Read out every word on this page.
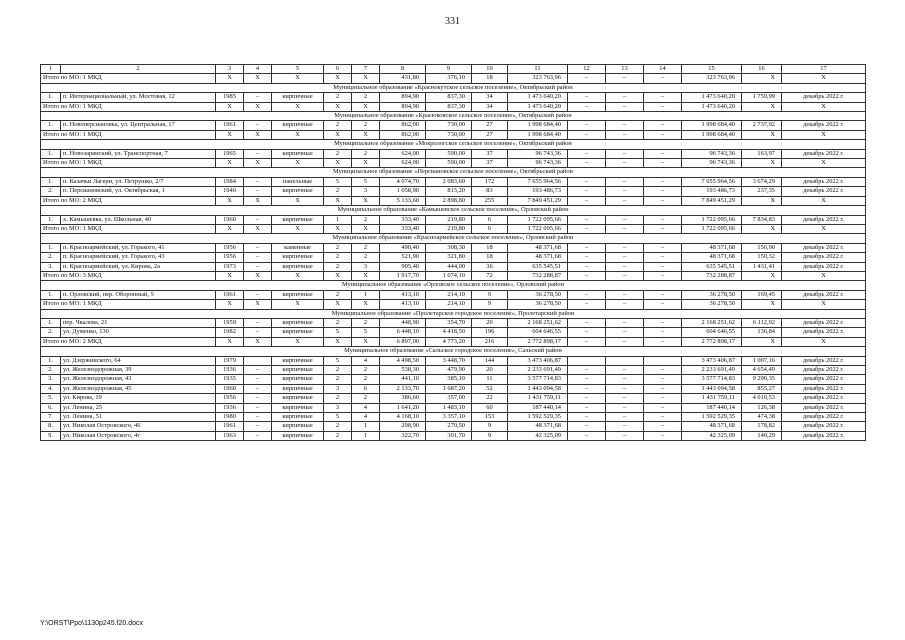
331
1	2	3	4	5	6	7	8	9	10	11	12	13	14	15	16	17
Итого по МО: 1 МКД		Х	Х	Х	Х	Х	431,80	376,10	18	323 763,96	–	–	–	323 763,96	Х	Х
Муниципальное образование «Краснокутское сельское поселение», Октябрьский район																
1.	п. Интернациональный, ул. Мостовая, 12	1985	–	кирпичные	2	2	894,90	837,30	34	1 473 640,20	–	–	–	1 473 640,20	1 759,99	декабрь 2022 г.
Итого по МО: 1 МКД		Х	Х	Х	Х	Х	894,90	837,30	34	1 473 640,20	–	–	–	1 473 640,20	Х	Х
Муниципальное образование «Красюковское сельское поселение», Октябрьский район																
1.	п. Новоперсиановка, ул. Центральная, 17	1961	–	кирпичные	2	2	862,00	730,00	27	1 998 684,40	–	–	–	1 998 684,40	2 737,92	декабрь 2022 г.
Итого по МО: 1 МКД		Х	Х	Х	Х	Х	862,00	730,00	27	1 998 684,40	–	–	–	1 998 684,40	Х	Х
Муниципальное образование «Мокрологское сельское поселение», Октябрьский район																
1.	п. Новозарянский, ул. Транспортная, 7	1965	–	кирпичные	2	2	624,00	590,00	37	96 743,36	–	–	–	96 743,36	163,97	декабрь 2022 г.
Итого по МО: 1 МКД		Х	Х	Х	Х	Х	624,00	590,00	37	96 743,36	–	–	–	96 743,36	Х	Х
Муниципальное образование «Персиановское сельское поселение», Октябрьский район																
1.	п. Казачьи Лагери, ул. Петрушко, 2/7	1984	–	панельные	5	5	4 074,70	2 083,60	172	7 655 964,56	–	–	–	7 655 964,56	3 674,29	декабрь 2022 г.
2.	п. Персиановский, ул. Октябрьская, 1	1940	–	кирпичные	2	3	1 058,90	815,20	83	193 486,73	–	–	–	193 486,73	237,35	декабрь 2022 г.
Итого по МО: 2 МКД		Х	Х	Х	Х	Х	5 133,60	2 898,80	255	7 849 451,29	–	–	–	7 849 451,29	Х	Х
Муниципальное образование «Камышевское сельское поселение», Орловский район																
1.	х. Камышевка, ул. Школьная, 40	1960	–	кирпичные	1	2	333,40	219,80	6	1 722 095,66	–	–	–	1 722 095,66	7 834,83	декабрь 2022 г.
Итого по МО: 1 МКД		Х	Х	Х	Х	Х	333,40	219,80	6	1 722 095,66	–	–	–	1 722 095,66	Х	Х
Муниципальное образование «Красноармейское сельское поселение», Орловский район																
1.	п. Красноармейский, ул. Горького, 41	1956	–	каменные	2	2	490,40	308,30	18	48 371,68	–	–	–	48 371,68	156,90	декабрь 2022 г.
2.	п. Красноармейский, ул. Горького, 43	1956	–	кирпичные	2	2	521,90	321,80	18	48 371,68	–	–	–	48 371,68	150,32	декабрь 2022 г.
3.	п. Красноармейский, ул. Кирова, 2а	1973	–	кирпичные	2	3	905,40	444,00	36	635 545,51	–	–	–	635 545,51	1 431,41	декабрь 2022 г.
Итого по МО: 3 МКД		Х	Х	Х	Х	Х	1 917,70	1 074,10	72	732 288,87	–	–	–	732 288,87	Х	Х
Муниципальное образование «Орловское сельское поселение», Орловский район																
1.	п. Орловский, пер. Оборонный, 5	1961	–	кирпичные	2	1	413,10	214,10	9	36 278,50	–	–	–	36 278,50	169,45	декабрь 2022 г.
Итого по МО: 1 МКД		Х	Х	Х	Х	Х	413,10	214,10	9	36 278,50	–	–	–	36 278,50	Х	Х
Муниципальное образование «Пролетарское городское поселение», Пролетарский район																
1.	пер. Чкалова, 21	1959	–	кирпичные	2	2	448,90	354,70	20	2 168 251,62	–	–	–	2 168 251,62	6 112,92	декабрь 2022 г.
2.	ул. Думенко, 130	1982	–	кирпичные	5	5	6 448,10	4 418,50	196	604 646,55	–	–	–	604 646,55	136,84	декабрь 2022 г.
Итого по МО: 2 МКД		Х	Х	Х	Х	Х	6 897,00	4 773,20	216	2 772 898,17	–	–	–	2 772 898,17	Х	Х
Муниципальное образование «Сальское городское поселение», Сальский район																
1.	ул. Дзержинского, 64	1979		кирпичные	5	4	4 498,50	3 448,70	144	3 473 406,87				3 473 406,87	1 007,16	декабрь 2022 г.
2.	ул. Железнодорожная, 39	1936	–	кирпичные	2	2	538,30	479,90	20	2 233 691,49	–	–	–	2 233 691,49	4 654,49	декабрь 2022 г.
3.	ул. Железнодорожная, 43	1935	–	кирпичные	2	2	441,10	385,10	11	3 577 714,83	–	–	–	3 577 714,83	9 290,35	декабрь 2022 г.
4.	ул. Железнодорожная, 45	1960	–	кирпичные	3	6	2 133,70	1 687,20	52	1 443 094,58	–	–	–	1 443 094,58	855,27	декабрь 2022 г.
5.	ул. Кирова, 19	1956	–	кирпичные	2	2	386,60	357,00	22	1 431 759,11	–	–	–	1 431 759,11	4 010,53	декабрь 2022 г.
6.	ул. Ленина, 25	1936	–	кирпичные	3	4	1 641,20	1 483,10	60	187 440,14	–	–	–	187 440,14	126,38	декабрь 2022 г.
7.	ул. Ленина, 51	1980	–	кирпичные	5	4	4 168,10	3 357,10	153	1 592 529,35	–	–	–	1 592 529,35	474,38	декабрь 2022 г.
8.	ул. Николая Островского, 46	1961	–	кирпичные	2	1	298,90	270,50	9	48 371,68	–	–	–	48 371,68	178,82	декабрь 2022 г.
9.	ул. Николая Островского, 4г	1963	–	кирпичные	2	1	322,70	301,70	9	42 325,09	–	–	–	42 325,09	140,29	декабрь 2022 г.
Y:\ORST\Ppo\1130p245.f20.docx
